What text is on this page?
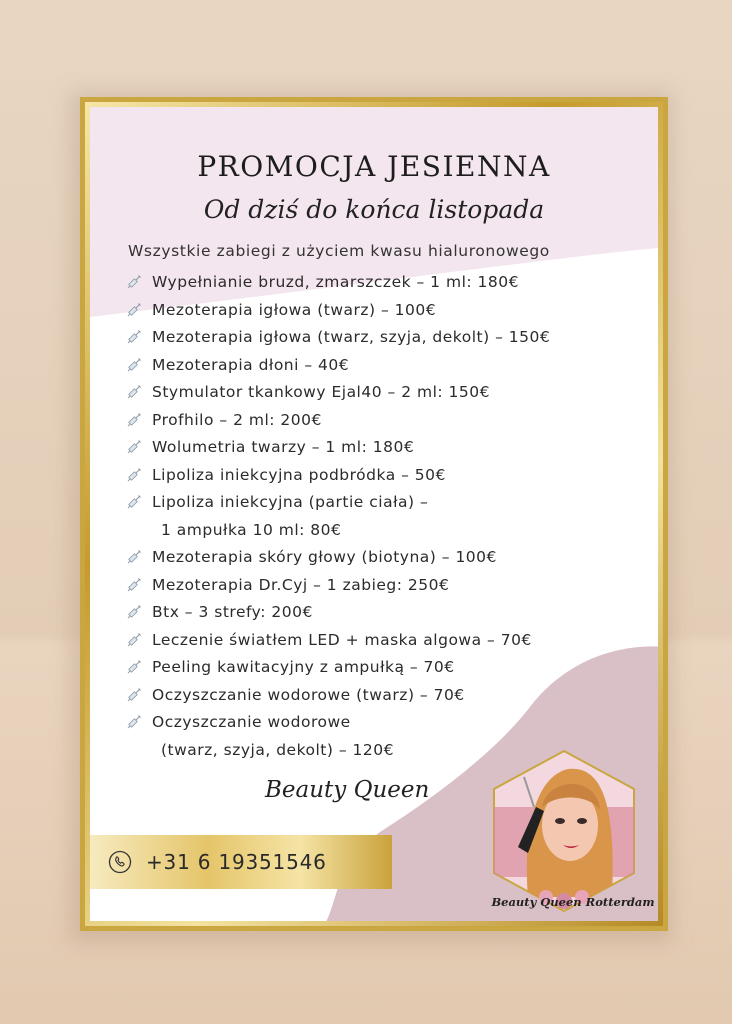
PROMOCJA JESIENNA
Od dziś do końca listopada
Wszystkie zabiegi z użyciem kwasu hialuronowego
Wypełnianie bruzd, zmarszczek – 1 ml: 180€
Mezoterapia igłowa (twarz) – 100€
Mezoterapia igłowa (twarz, szyja, dekolt) – 150€
Mezoterapia dłoni – 40€
Stymulator tkankowy Ejal40 – 2 ml: 150€
Profhilo – 2 ml: 200€
Wolumetria twarzy – 1 ml: 180€
Lipoliza iniekcyjna podbródka – 50€
Lipoliza iniekcyjna (partie ciała) –
1 ampułka 10 ml: 80€
Mezoterapia skóry głowy (biotyna) – 100€
Mezoterapia Dr.Cyj – 1 zabieg: 250€
Btx – 3 strefy: 200€
Leczenie światłem LED + maska algowa – 70€
Peeling kawitacyjny z ampułką – 70€
Oczyszczanie wodorowe (twarz) – 70€
Oczyszczanie wodorowe
(twarz, szyja, dekolt) – 120€
Beauty Queen
+31 6 19351546
Beauty Queen Rotterdam
